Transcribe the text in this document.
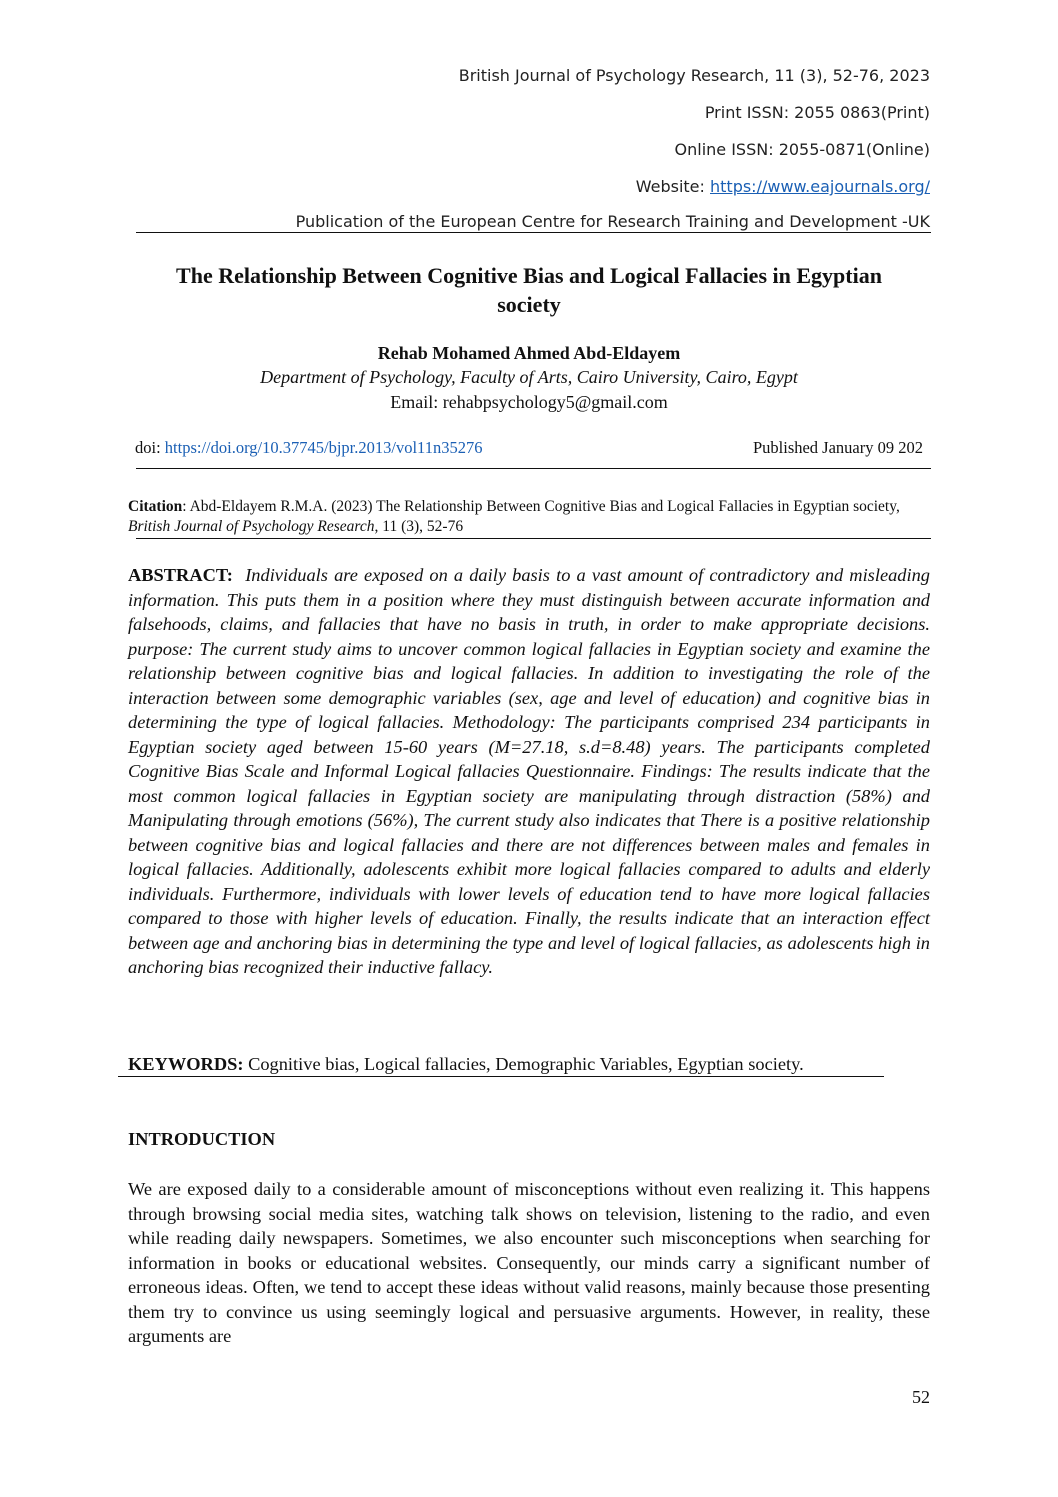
British Journal of Psychology Research, 11 (3), 52-76, 2023
Print ISSN: 2055 0863(Print)
Online ISSN: 2055-0871(Online)
Website: https://www.eajournals.org/
Publication of the European Centre for Research Training and Development -UK
The Relationship Between Cognitive Bias and Logical Fallacies in Egyptian
society
Rehab Mohamed Ahmed Abd-Eldayem
Department of Psychology, Faculty of Arts, Cairo University, Cairo, Egypt
Email: rehabpsychology5@gmail.com
doi: https://doi.org/10.37745/bjpr.2013/vol11n35276	Published January 09 202
Citation: Abd-Eldayem R.M.A. (2023) The Relationship Between Cognitive Bias and Logical Fallacies in Egyptian society, British Journal of Psychology Research, 11 (3), 52-76
ABSTRACT: Individuals are exposed on a daily basis to a vast amount of contradictory and misleading information. This puts them in a position where they must distinguish between accurate information and falsehoods, claims, and fallacies that have no basis in truth, in order to make appropriate decisions. purpose: The current study aims to uncover common logical fallacies in Egyptian society and examine the relationship between cognitive bias and logical fallacies. In addition to investigating the role of the interaction between some demographic variables (sex, age and level of education) and cognitive bias in determining the type of logical fallacies. Methodology: The participants comprised 234 participants in Egyptian society aged between 15-60 years (M=27.18, s.d=8.48) years. The participants completed Cognitive Bias Scale and Informal Logical fallacies Questionnaire. Findings: The results indicate that the most common logical fallacies in Egyptian society are manipulating through distraction (58%) and Manipulating through emotions (56%), The current study also indicates that There is a positive relationship between cognitive bias and logical fallacies and there are not differences between males and females in logical fallacies. Additionally, adolescents exhibit more logical fallacies compared to adults and elderly individuals. Furthermore, individuals with lower levels of education tend to have more logical fallacies compared to those with higher levels of education. Finally, the results indicate that an interaction effect between age and anchoring bias in determining the type and level of logical fallacies, as adolescents high in anchoring bias recognized their inductive fallacy.
KEYWORDS: Cognitive bias, Logical fallacies, Demographic Variables, Egyptian society.
INTRODUCTION
We are exposed daily to a considerable amount of misconceptions without even realizing it. This happens through browsing social media sites, watching talk shows on television, listening to the radio, and even while reading daily newspapers. Sometimes, we also encounter such misconceptions when searching for information in books or educational websites. Consequently, our minds carry a significant number of erroneous ideas. Often, we tend to accept these ideas without valid reasons, mainly because those presenting them try to convince us using seemingly logical and persuasive arguments. However, in reality, these arguments are
52
